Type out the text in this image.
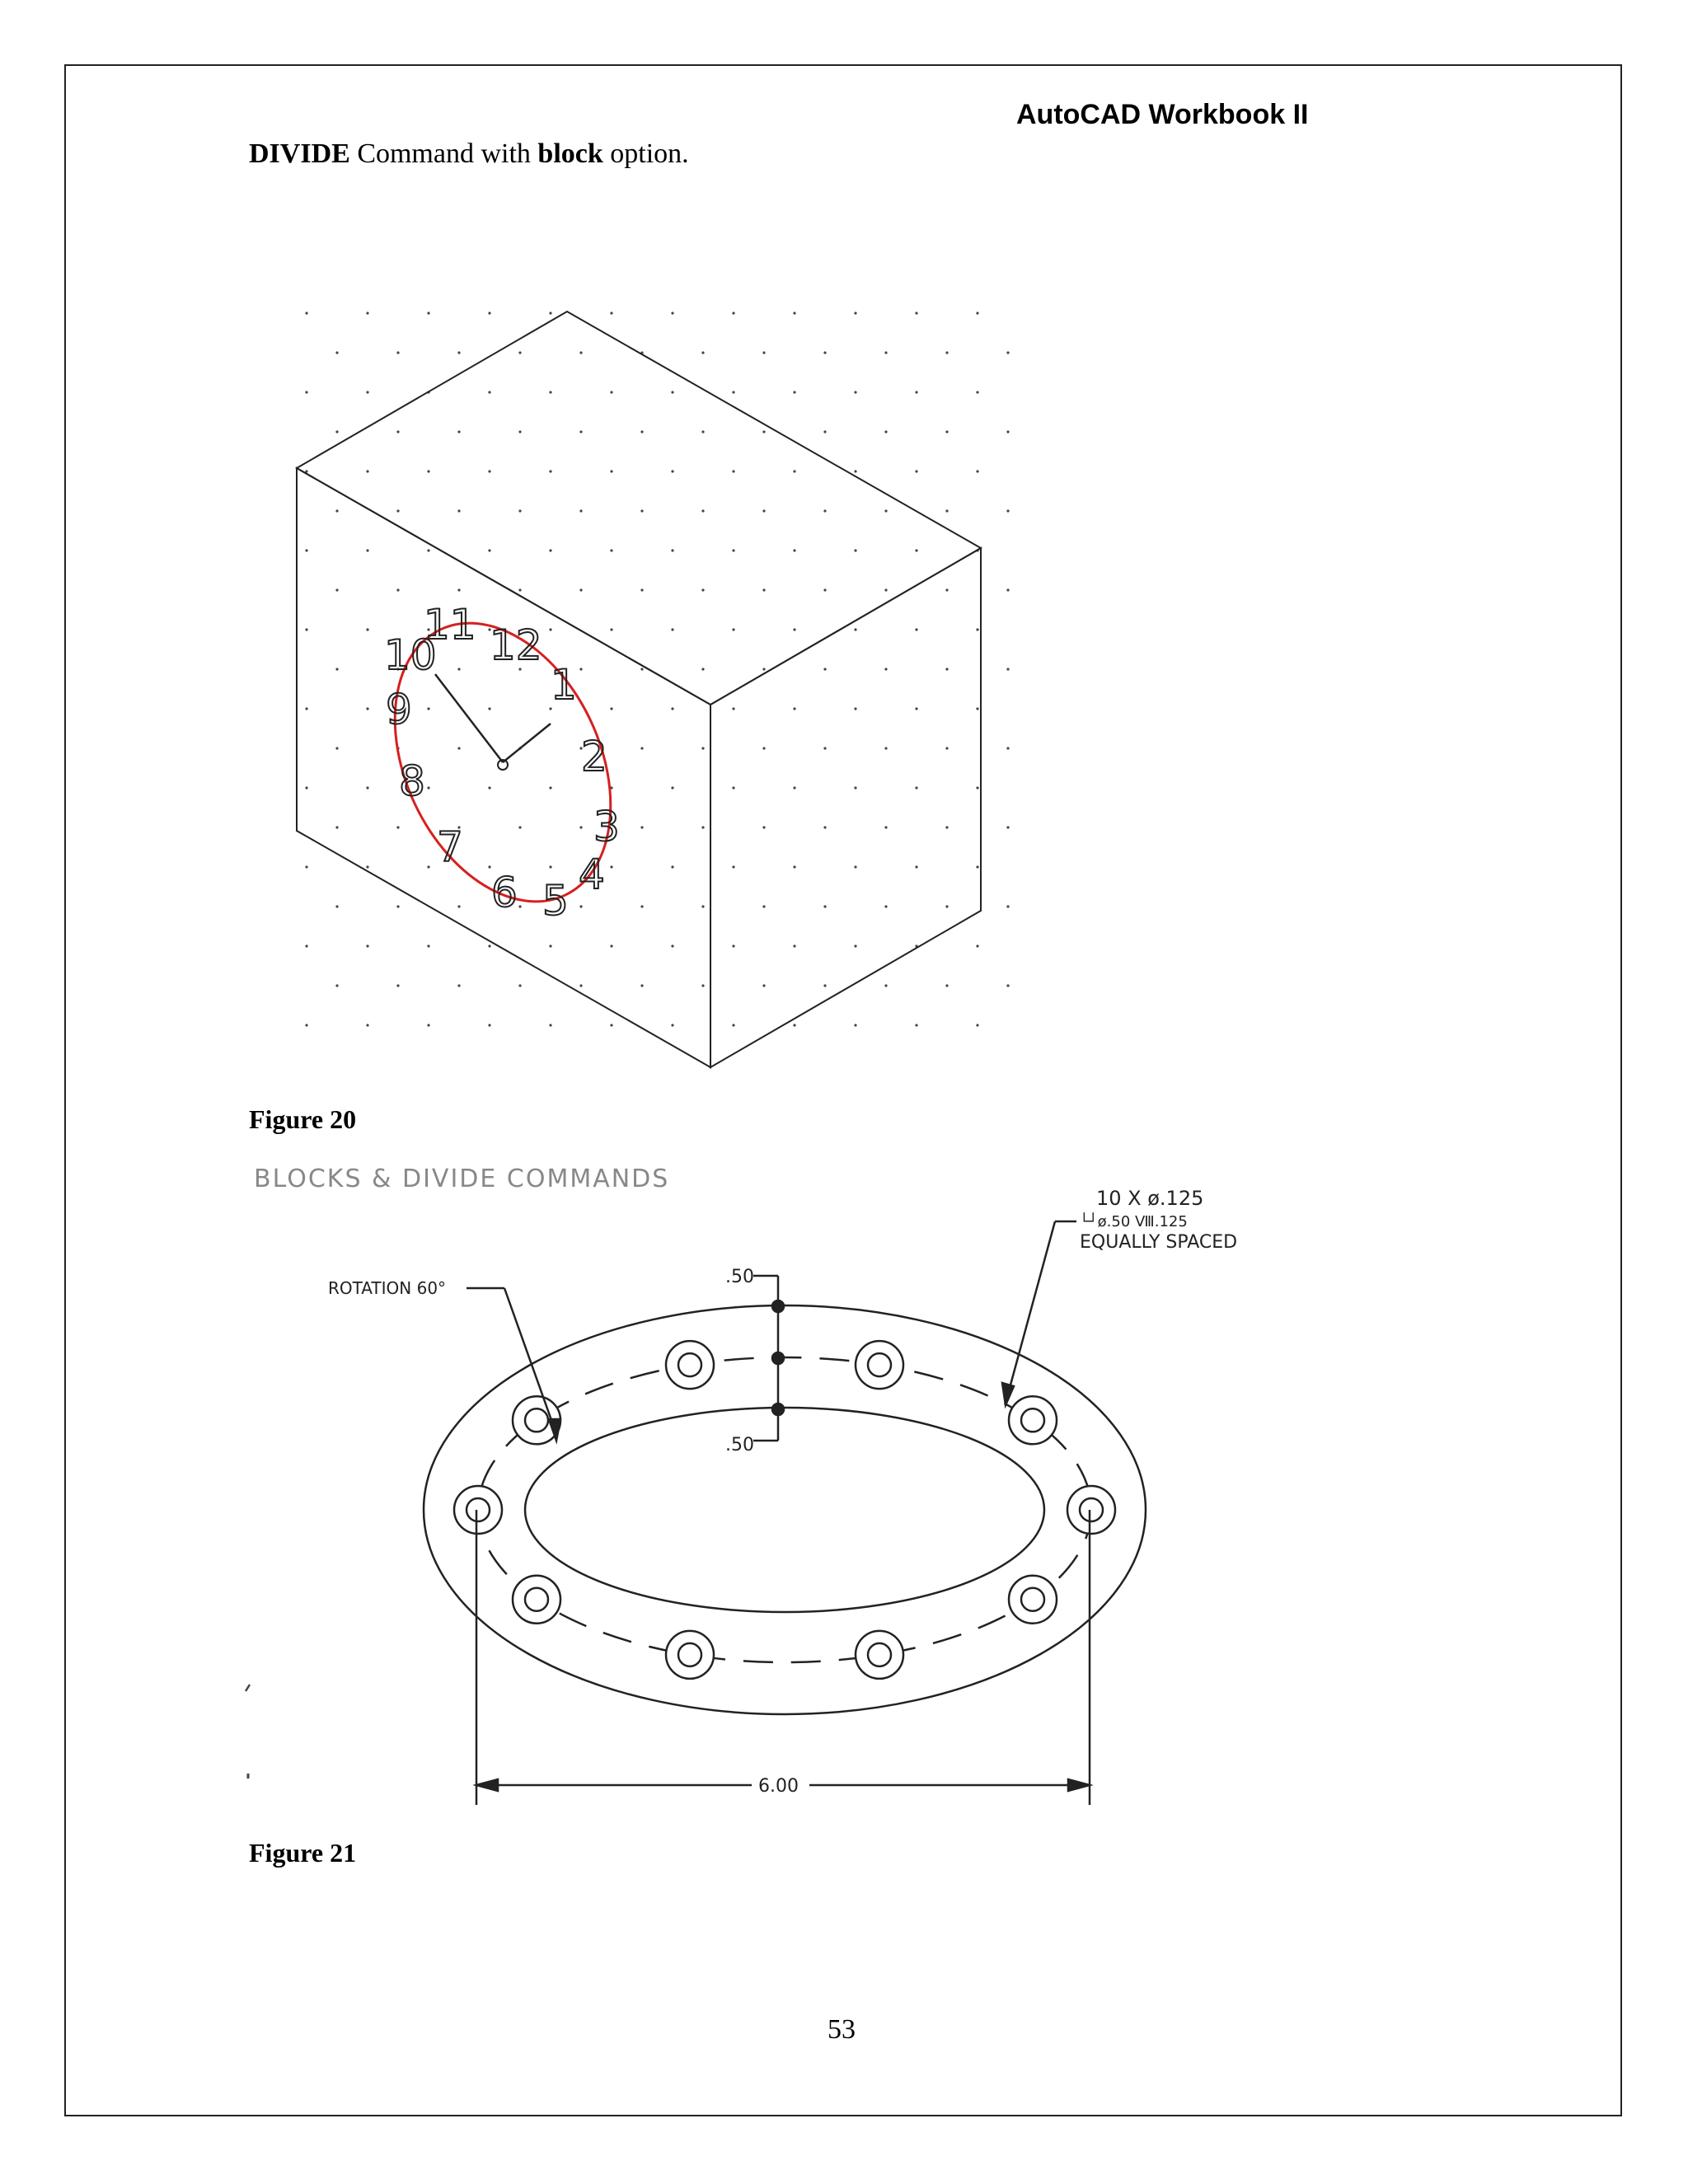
AutoCAD Workbook II
DIVIDE Command with block option.
12
1
2
3
4
5
6
7
8
9
10
11
Figure 20
BLOCKS & DIVIDE COMMANDS
.50
.50
ROTATION 60°
10 X ø.125
└┘ø.50 Ⅷ.125
EQUALLY SPACED
6.00
Figure 21
53
